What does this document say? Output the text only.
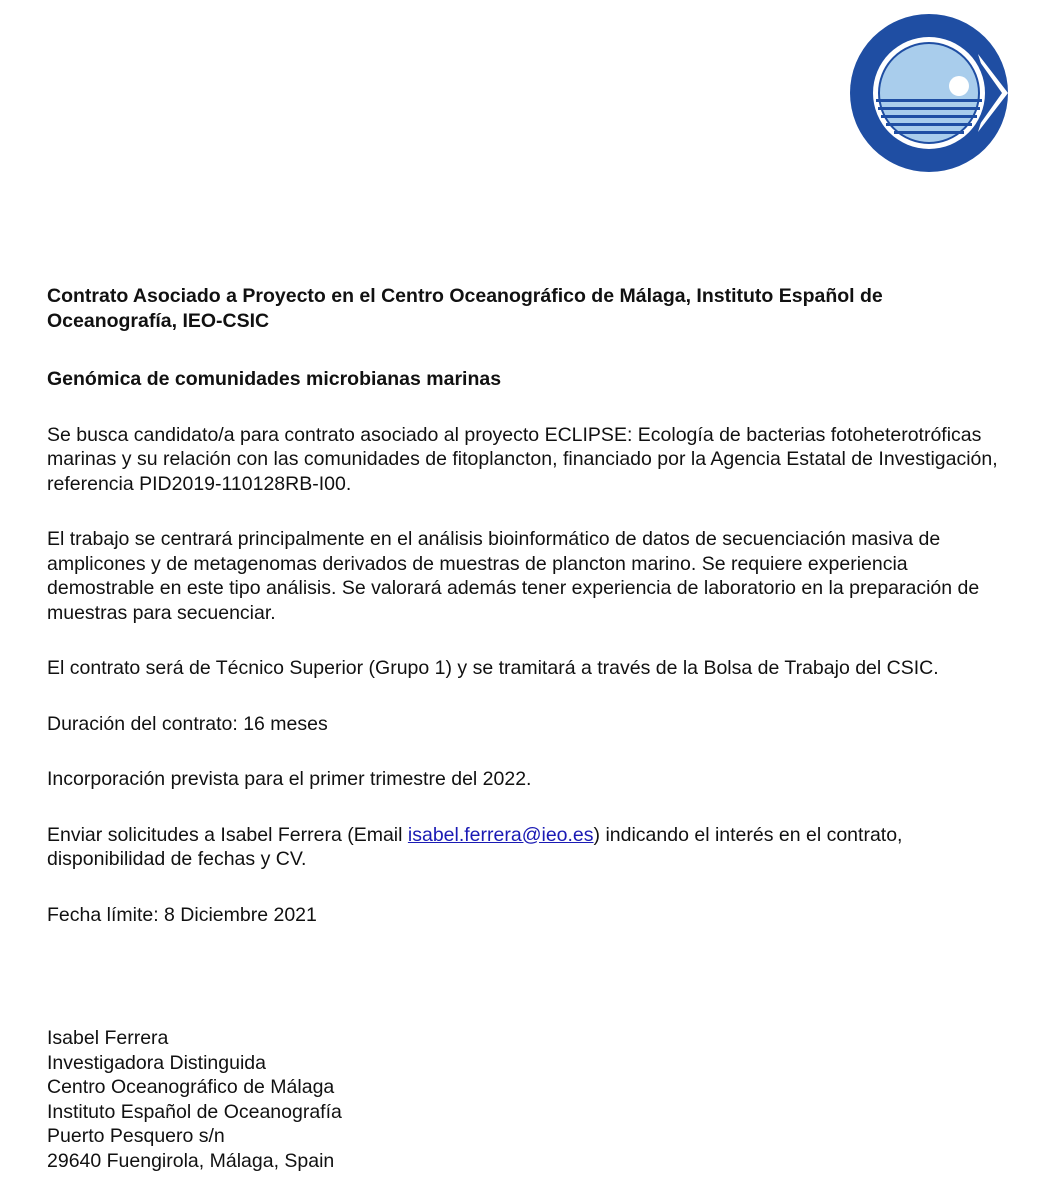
Contrato Asociado a Proyecto en el Centro Oceanográfico de Málaga, Instituto Español de Oceanografía, IEO-CSIC

Genómica de comunidades microbianas marinas

Se busca candidato/a para contrato asociado al proyecto ECLIPSE: Ecología de bacterias fotoheterotróficas marinas y su relación con las comunidades de fitoplancton, financiado por la Agencia Estatal de Investigación, referencia PID2019-110128RB-I00.

El trabajo se centrará principalmente en el análisis bioinformático de datos de secuenciación masiva de amplicones y de metagenomas derivados de muestras de plancton marino. Se requiere experiencia demostrable en este tipo análisis. Se valorará además tener experiencia de laboratorio en la preparación de muestras para secuenciar.

El contrato será de Técnico Superior (Grupo 1) y se tramitará a través de la Bolsa de Trabajo del CSIC.

Duración del contrato: 16 meses

Incorporación prevista para el primer trimestre del 2022.

Enviar solicitudes a Isabel Ferrera (Email isabel.ferrera@ieo.es) indicando el interés en el contrato, disponibilidad de fechas y CV.

Fecha límite: 8 Diciembre 2021

Isabel Ferrera
Investigadora Distinguida
Centro Oceanográfico de Málaga
Instituto Español de Oceanografía
Puerto Pesquero s/n
29640 Fuengirola, Málaga, Spain
